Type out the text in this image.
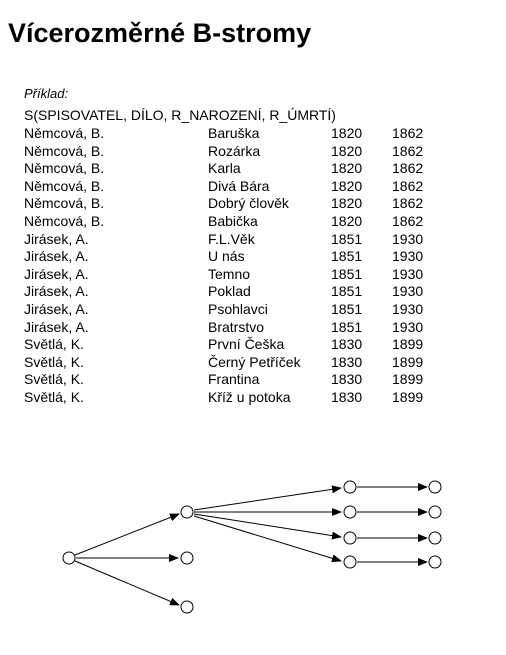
Vícerozměrné B-stromy
Příklad:
S(SPISOVATEL, DÍLO, R_NAROZENÍ, R_ÚMRTÍ)
Němcová, B.	Baruška	1820 1862
Němcová, B.	Rozárka	1820 1862
Němcová, B.	Karla	1820 1862
Němcová, B.	Divá Bára	1820 1862
Němcová, B.	Dobrý člověk	1820 1862
Němcová, B.	Babička	1820 1862
Jirásek, A.	F.L.Věk	1851 1930
Jirásek, A.	U nás	1851 1930
Jirásek, A.	Temno	1851 1930
Jirásek, A.	Poklad	1851 1930
Jirásek, A.	Psohlavci	1851 1930
Jirásek, A.	Bratrstvo	1851 1930
Světlá, K.	První Češka	1830 1899
Světlá, K.	Černý Petříček 1830 1899
Světlá, K.	Frantina	1830 1899
Světlá, K.	Kříž u potoka	1830 1899
